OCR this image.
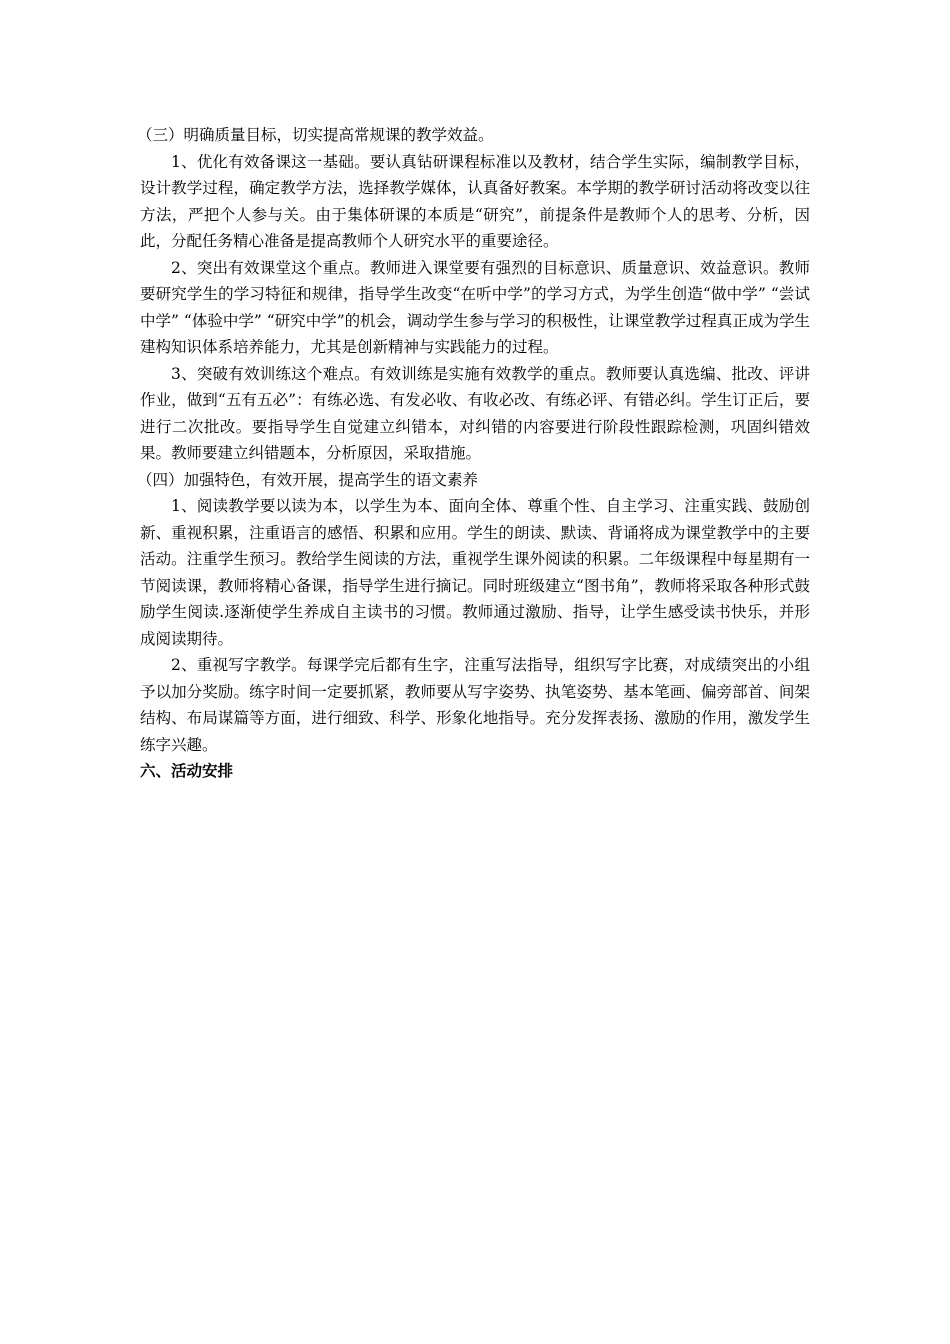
（三）明确质量目标，切实提高常规课的教学效益。

1、优化有效备课这一基础。要认真钻研课程标准以及教材，结合学生实际，编制教学目标，设计教学过程，确定教学方法，选择教学媒体，认真备好教案。本学期的教学研讨活动将改变以往方法，严把个人参与关。由于集体研课的本质是“研究”，前提条件是教师个人的思考、分析，因此，分配任务精心准备是提高教师个人研究水平的重要途径。

2、突出有效课堂这个重点。教师进入课堂要有强烈的目标意识、质量意识、效益意识。教师要研究学生的学习特征和规律，指导学生改变“在听中学”的学习方式，为学生创造“做中学” “尝试中学” “体验中学” “研究中学”的机会，调动学生参与学习的积极性，让课堂教学过程真正成为学生建构知识体系培养能力，尤其是创新精神与实践能力的过程。

3、突破有效训练这个难点。有效训练是实施有效教学的重点。教师要认真选编、批改、评讲作业，做到“五有五必”：有练必选、有发必收、有收必改、有练必评、有错必纠。学生订正后，要进行二次批改。要指导学生自觉建立纠错本，对纠错的内容要进行阶段性跟踪检测，巩固纠错效果。教师要建立纠错题本，分析原因，采取措施。

（四）加强特色，有效开展，提高学生的语文素养

1、阅读教学要以读为本，以学生为本、面向全体、尊重个性、自主学习、注重实践、鼓励创新、重视积累，注重语言的感悟、积累和应用。学生的朗读、默读、背诵将成为课堂教学中的主要活动。注重学生预习。教给学生阅读的方法，重视学生课外阅读的积累。二年级课程中每星期有一节阅读课，教师将精心备课，指导学生进行摘记。同时班级建立“图书角”，教师将采取各种形式鼓励学生阅读.逐渐使学生养成自主读书的习惯。教师通过激励、指导，让学生感受读书快乐，并形成阅读期待。

2、重视写字教学。每课学完后都有生字，注重写法指导，组织写字比赛，对成绩突出的小组予以加分奖励。练字时间一定要抓紧，教师要从写字姿势、执笔姿势、基本笔画、偏旁部首、间架结构、布局谋篇等方面，进行细致、科学、形象化地指导。充分发挥表扬、激励的作用，激发学生练字兴趣。

六、活动安排
